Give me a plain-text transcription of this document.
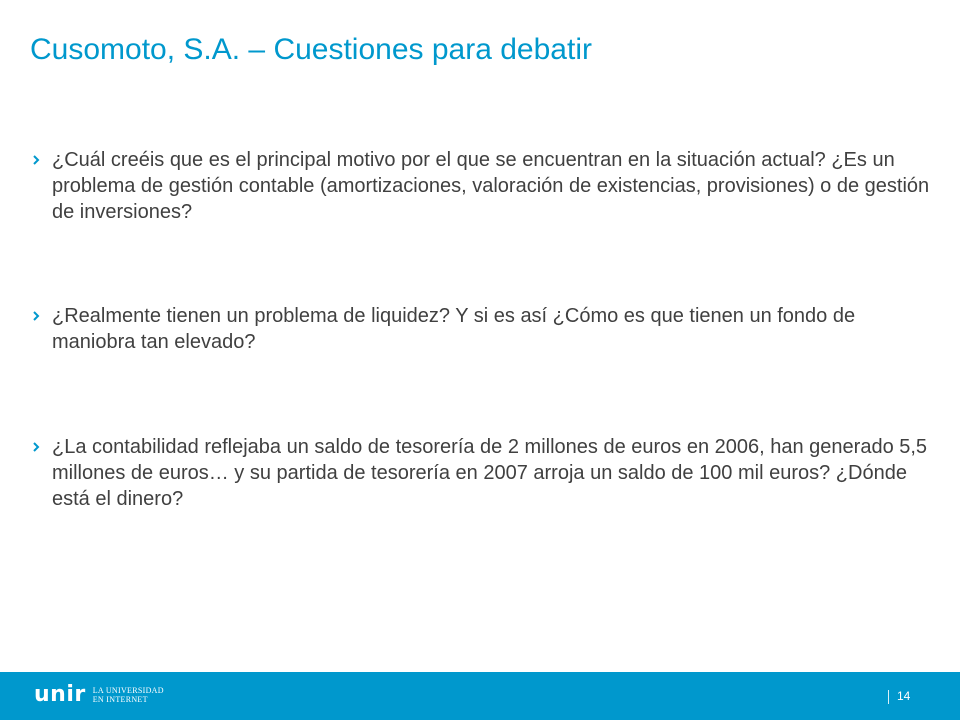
Cusomoto, S.A. – Cuestiones para debatir
¿Cuál creéis que es el principal motivo por el que se encuentran en la situación actual? ¿Es un problema de gestión contable (amortizaciones, valoración de existencias, provisiones) o de gestión de inversiones?
¿Realmente tienen un problema de liquidez? Y si es así ¿Cómo es que tienen un fondo de maniobra tan elevado?
¿La contabilidad reflejaba un saldo de tesorería de 2 millones de euros en 2006, han generado 5,5 millones de euros… y su partida de tesorería en 2007 arroja un saldo de 100 mil euros? ¿Dónde está el dinero?
unir LA UNIVERSIDAD
EN INTERNET	14
